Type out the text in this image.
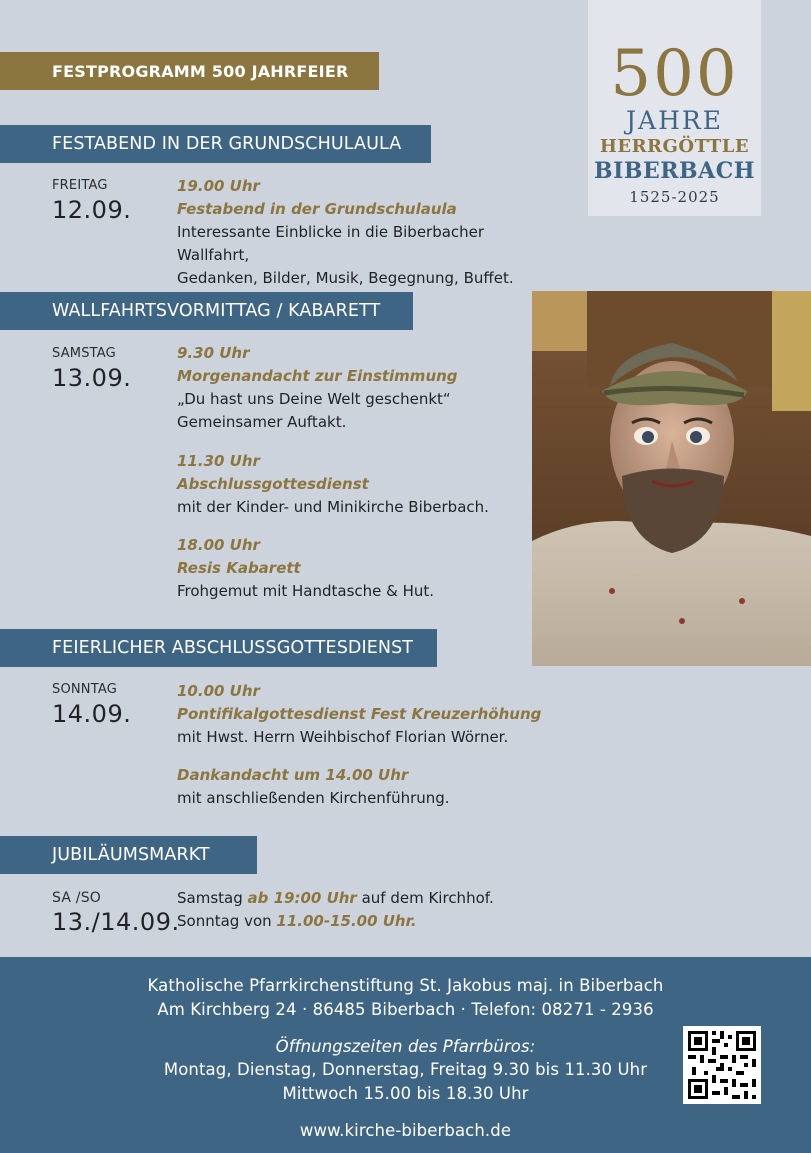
FESTPROGRAMM 500 JAHRFEIER	500
JAHRE
HERRGÖTTLE
BIBERBACH
1525-2025
FESTABEND IN DER GRUNDSCHULAULA
FREITAG
12.09.
19.00 Uhr
Festabend in der Grundschulaula
Interessante Einblicke in die Biberbacher Wallfahrt,
Gedanken, Bilder, Musik, Begegnung, Buffet.
WALLFAHRTSVORMITTAG / KABARETT
SAMSTAG
13.09.
9.30 Uhr
Morgenandacht zur Einstimmung
„Du hast uns Deine Welt geschenkt“
Gemeinsamer Auftakt.
11.30 Uhr
Abschlussgottesdienst
mit der Kinder- und Minikirche Biberbach.
18.00 Uhr
Resis Kabarett
Frohgemut mit Handtasche & Hut.
FEIERLICHER ABSCHLUSSGOTTESDIENST
SONNTAG
14.09.
10.00 Uhr
Pontifikalgottesdienst Fest Kreuzerhöhung
mit Hwst. Herrn Weihbischof Florian Wörner.
Dankandacht um 14.00 Uhr
mit anschließenden Kirchenführung.
JUBILÄUMSMARKT
SA /SO
13./14.09.
Samstag ab 19:00 Uhr auf dem Kirchhof.
Sonntag von 11.00-15.00 Uhr.
Katholische Pfarrkirchenstiftung St. Jakobus maj. in Biberbach
Am Kirchberg 24 · 86485 Biberbach · Telefon: 08271 - 2936
Öffnungszeiten des Pfarrbüros:
Montag, Dienstag, Donnerstag, Freitag 9.30 bis 11.30 Uhr
Mittwoch 15.00 bis 18.30 Uhr
www.kirche-biberbach.de
